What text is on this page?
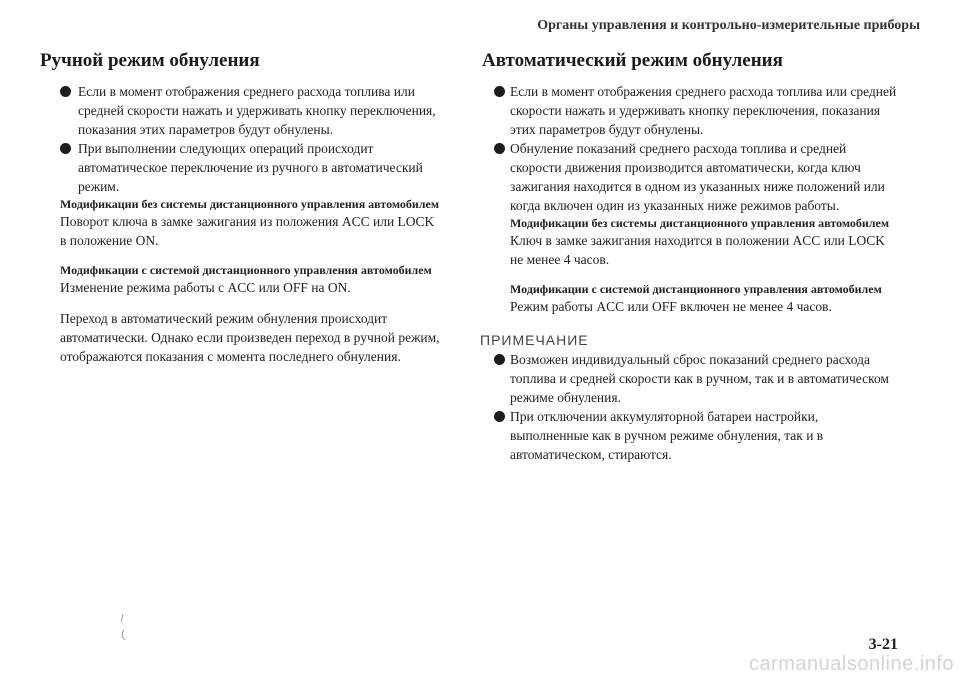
Органы управления и контрольно-измерительные приборы
Ручной режим обнуления

Если в момент отображения среднего расхода топлива или средней скорости нажать и удерживать кнопку переключения, показания этих параметров будут обнулены.

При выполнении следующих операций происходит автоматическое переключение из ручного в автоматический режим.

Модификации без системы дистанционного управления автомобилем

Поворот ключа в замке зажигания из положения ACC или LOCK в положение ON.

Модификации с системой дистанционного управления автомобилем

Изменение режима работы с ACC или OFF на ON.

Переход в автоматический режим обнуления происходит автоматически. Однако если произведен переход в ручной режим, отображаются показания с момента последнего обнуления.

Автоматический режим обнуления

Если в момент отображения среднего расхода топлива или средней скорости нажать и удерживать кнопку переключения, показания этих параметров будут обнулены.

Обнуление показаний среднего расхода топлива и средней скорости движения производится автоматически, когда ключ зажигания находится в одном из указанных ниже положений или когда включен один из указанных ниже режимов работы.

Модификации без системы дистанционного управления автомобилем

Ключ в замке зажигания находится в положении ACC или LOCK не менее 4 часов.

Модификации с системой дистанционного управления автомобилем

Режим работы ACC или OFF включен не менее 4 часов.

ПРИМЕЧАНИЕ

Возможен индивидуальный сброс показаний среднего расхода топлива и средней скорости как в ручном, так и в автоматическом режиме обнуления.

При отключении аккумуляторной батареи настройки, выполненные как в ручном режиме обнуления, так и в автоматическом, стираются.

3-21
carmanualsonline.info
